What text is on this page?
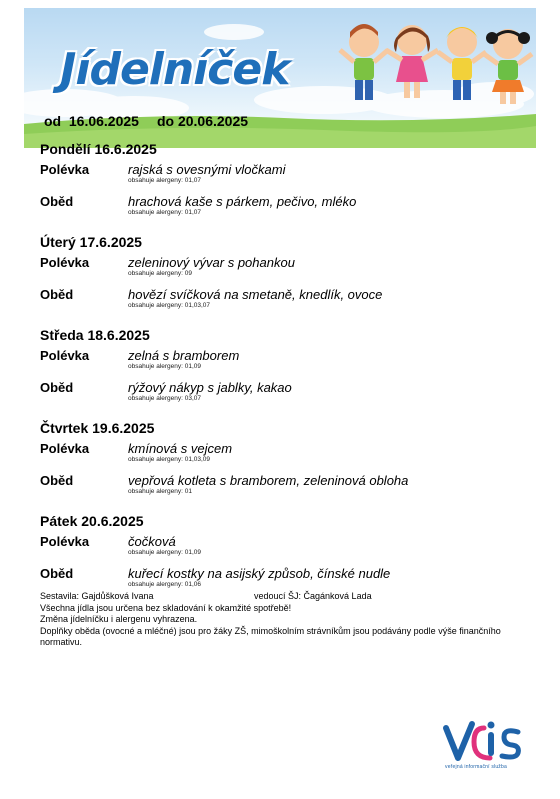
Jídelníček
od  16.06.2025 do 20.06.2025
Pondělí 16.6.2025
Polévka	rajská s ovesnými vločkami
obsahuje alergeny: 01,07
Oběd	hrachová kaše s párkem, pečivo, mléko
obsahuje alergeny: 01,07
Úterý 17.6.2025
Polévka	zeleninový vývar s pohankou
obsahuje alergeny: 09
Oběd	hovězí svíčková na smetaně, knedlík, ovoce
obsahuje alergeny: 01,03,07
Středa 18.6.2025
Polévka	zelná s bramborem
obsahuje alergeny: 01,09
Oběd	rýžový nákyp s jablky, kakao
obsahuje alergeny: 03,07
Čtvrtek 19.6.2025
Polévka	kmínová s vejcem
obsahuje alergeny: 01,03,09
Oběd	vepřová kotleta s bramborem, zeleninová obloha
obsahuje alergeny: 01
Pátek 20.6.2025
Polévka	čočková
obsahuje alergeny: 01,09
Oběd	kuřecí kostky na asijský způsob, čínské nudle
obsahuje alergeny: 01,06
Sestavila: Gajdůšková Ivana	vedoucí ŠJ: Čagánková Lada
Všechna jídla jsou určena bez skladování k okamžité spotřebě!
Změna jídelníčku i alergenu vyhrazena.
Doplňky oběda (ovocné a mléčné) jsou pro žáky ZŠ, mimoškolním strávníkům jsou podávány podle výše finančního normativu.
veřejná informační služba
